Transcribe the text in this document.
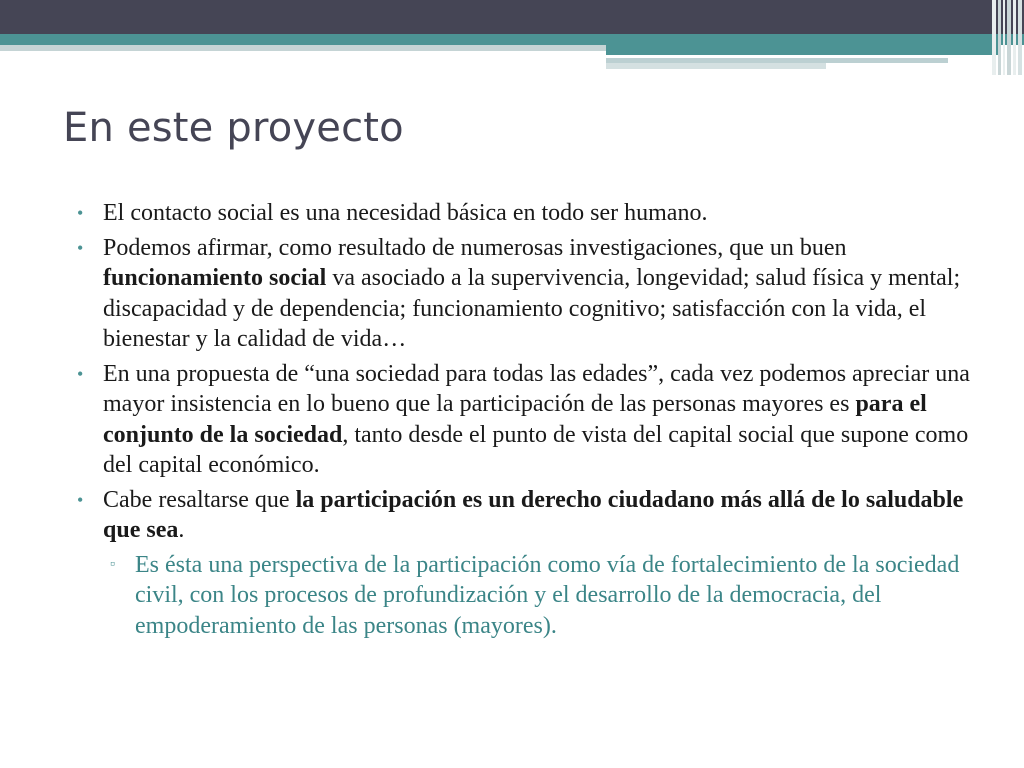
En este proyecto
• El contacto social es una necesidad básica en todo ser humano.
• Podemos afirmar, como resultado de numerosas investigaciones, que un buen funcionamiento social va asociado a la supervivencia, longevidad; salud física y mental; discapacidad y de dependencia; funcionamiento cognitivo; satisfacción con la vida, el bienestar y la calidad de vida…
• En una propuesta de “una sociedad para todas las edades”, cada vez podemos apreciar una mayor insistencia en lo bueno que la participación de las personas mayores es para el conjunto de la sociedad, tanto desde el punto de vista del capital social que supone como del capital económico.
• Cabe resaltarse que la participación es un derecho ciudadano más allá de lo saludable que sea.
▫ Es ésta una perspectiva de la participación como vía de fortalecimiento de la sociedad civil, con los procesos de profundización y el desarrollo de la democracia, del empoderamiento de las personas (mayores).
